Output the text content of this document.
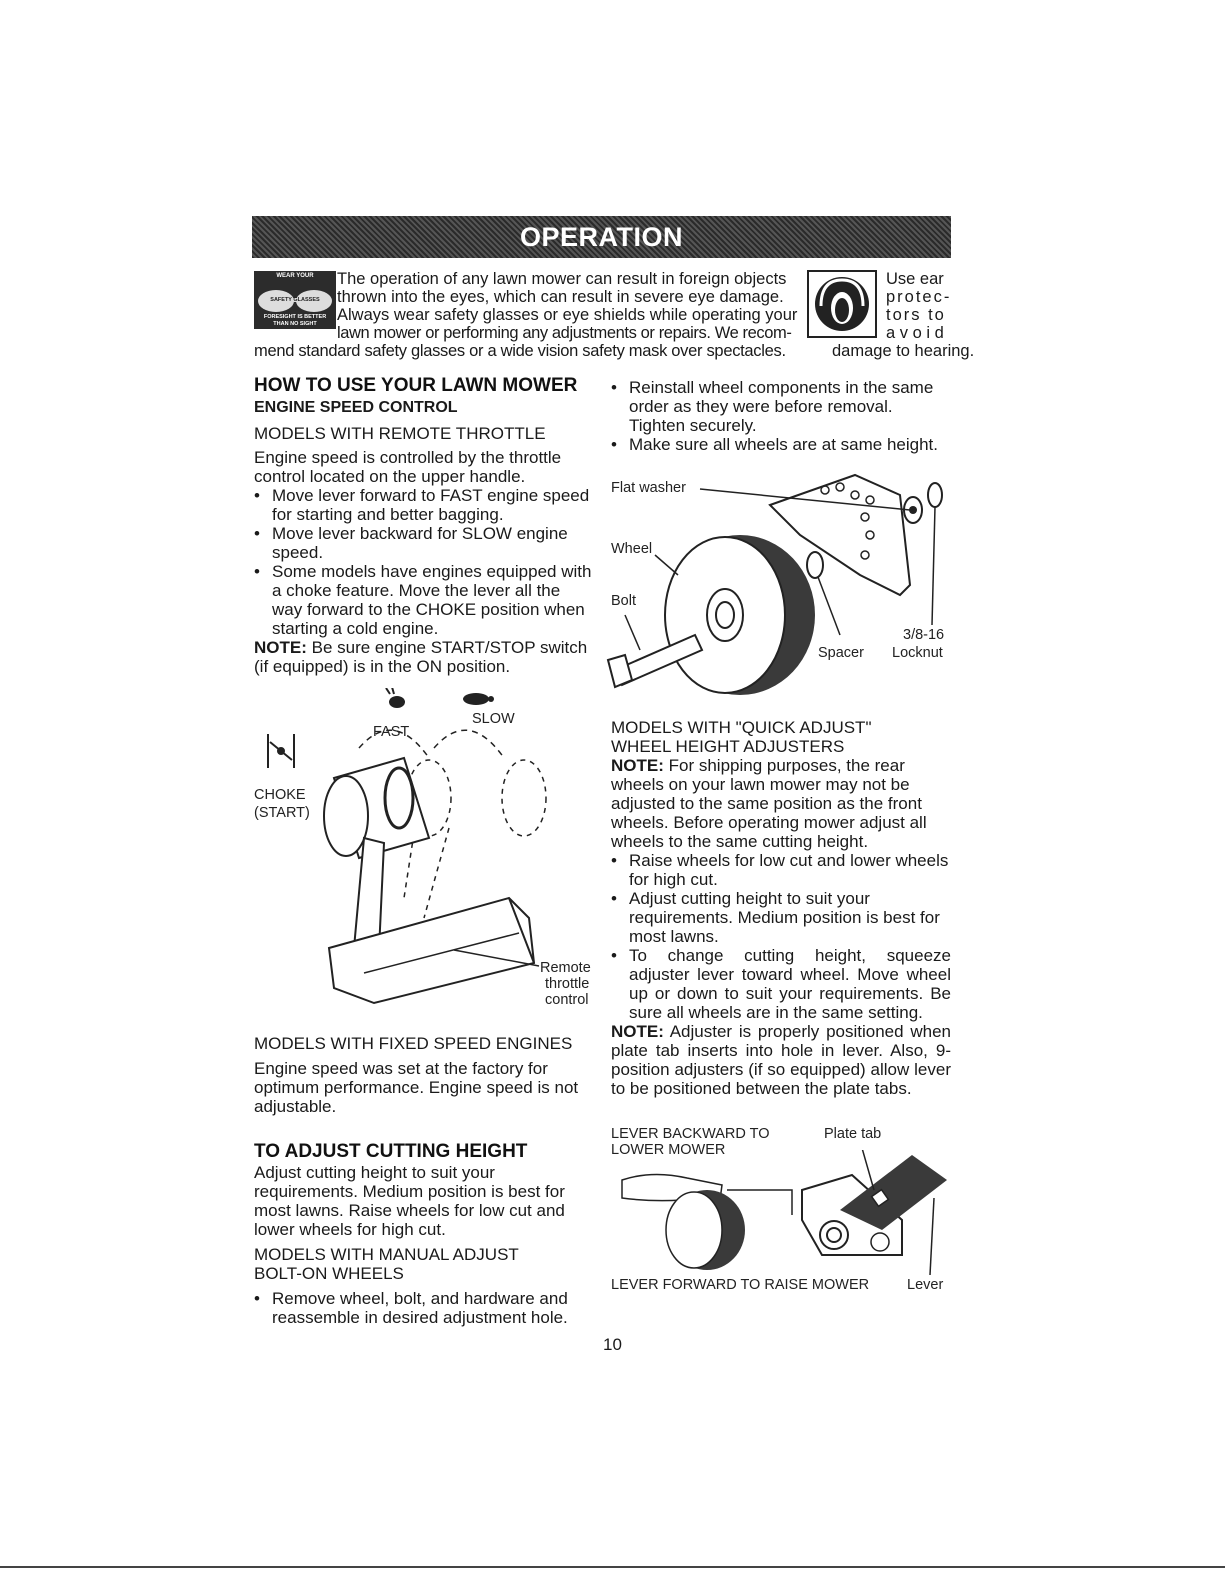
OPERATION
WEAR YOUR
SAFETY GLASSES
FORESIGHT IS BETTER
THAN NO SIGHT
The operation of any lawn mower can result in foreign objects
thrown into the eyes, which can result in severe eye damage.
Always wear safety glasses or eye shields while operating your
lawn mower or performing any adjustments or repairs. We recom-
mend standard safety glasses or a wide vision safety mask over spectacles.
Use ear
protec-
tors to
a v o i d
damage to hearing.
HOW TO USE YOUR LAWN MOWER
ENGINE SPEED CONTROL

MODELS WITH REMOTE THROTTLE

Engine speed is controlled by the throttle control located on the upper handle.

• Move lever forward to FAST engine speed for starting and better bagging.

• Move lever backward for SLOW engine speed.

• Some models have engines equipped with a choke feature. Move the lever all the way forward to the CHOKE position when starting a cold engine.

NOTE: Be sure engine START/STOP switch (if equipped) is in the ON position.

FAST
SLOW
CHOKE
(START)
Remote
throttle
control

MODELS WITH FIXED SPEED ENGINES

Engine speed was set at the factory for optimum performance. Engine speed is not adjustable.

TO ADJUST CUTTING HEIGHT

Adjust cutting height to suit your requirements. Medium position is best for most lawns. Raise wheels for low cut and lower wheels for high cut.

MODELS WITH MANUAL ADJUST BOLT-ON WHEELS

• Remove wheel, bolt, and hardware and reassemble in desired adjustment hole.

• Reinstall wheel components in the same order as they were before removal. Tighten securely.

• Make sure all wheels are at same height.

Flat washer
Wheel
Bolt
3/8-16
Spacer Locknut

MODELS WITH "QUICK ADJUST" WHEEL HEIGHT ADJUSTERS

NOTE: For shipping purposes, the rear wheels on your lawn mower may not be adjusted to the same position as the front wheels. Before operating mower adjust all wheels to the same cutting height.

• Raise wheels for low cut and lower wheels for high cut.

• Adjust cutting height to suit your requirements. Medium position is best for most lawns.

• To change cutting height, squeeze adjuster lever toward wheel. Move wheel up or down to suit your requirements. Be sure all wheels are in the same setting.

NOTE: Adjuster is properly positioned when plate tab inserts into hole in lever. Also, 9-position adjusters (if so equipped) allow lever to be positioned between the plate tabs.

LEVER BACKWARD TO
LOWER MOWER
Plate tab
LEVER FORWARD TO RAISE MOWER	Lever
10
